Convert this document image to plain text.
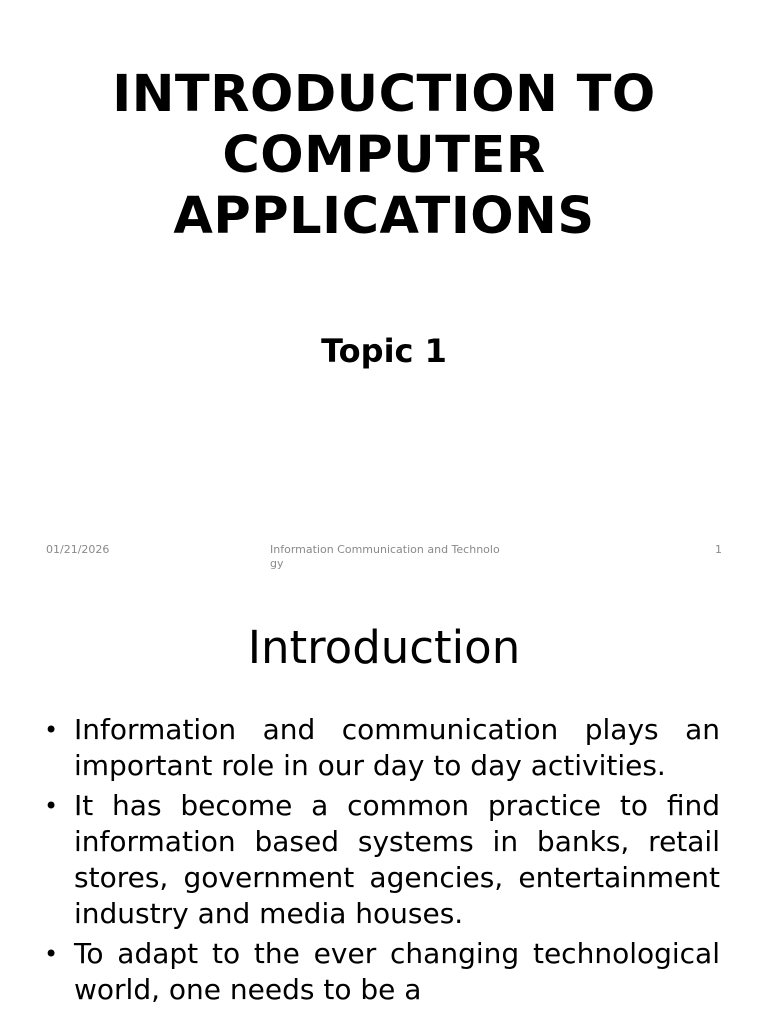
INTRODUCTION TO
COMPUTER
APPLICATIONS
Topic 1
01/21/2026	Information Communication and Technology
1
Introduction
• Information and communication plays an important role in our day to day activities.
• It has become a common practice to find information based systems in banks, retail stores, government agencies, entertainment industry and media houses.
• To adapt to the ever changing technological world, one needs to be a
